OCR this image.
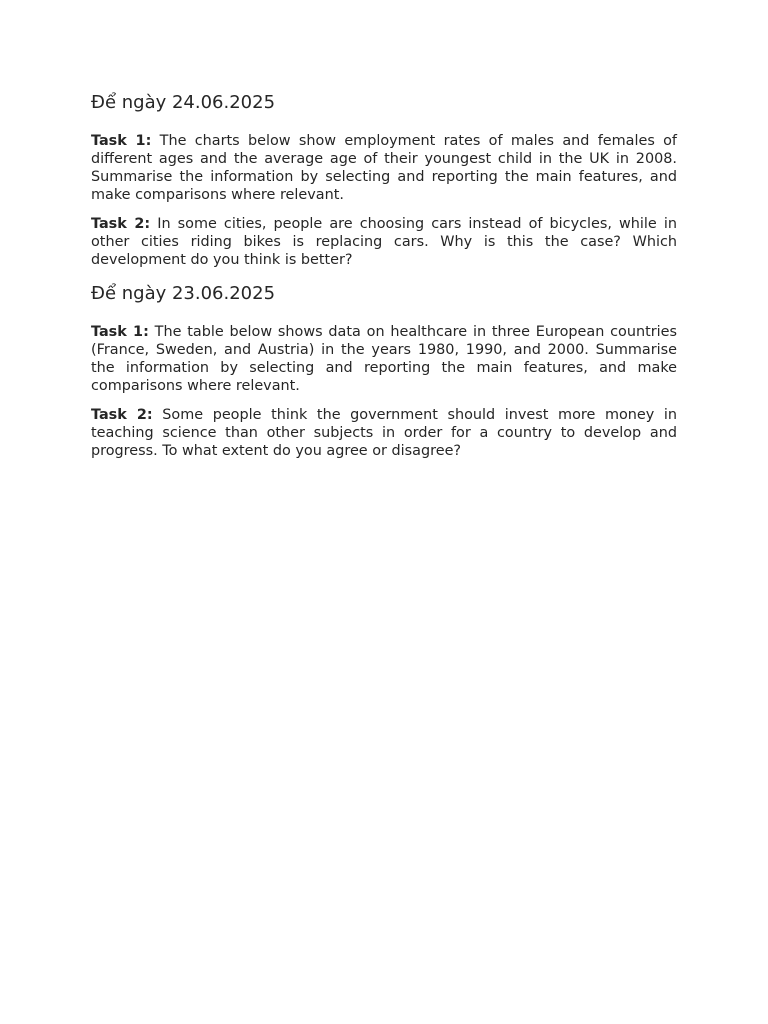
Để ngày 24.06.2025

Task 1: The charts below show employment rates of males and females of different ages and the average age of their youngest child in the UK in 2008. Summarise the information by selecting and reporting the main features, and make comparisons where relevant.

Task 2: In some cities, people are choosing cars instead of bicycles, while in other cities riding bikes is replacing cars. Why is this the case? Which development do you think is better?

Để ngày 23.06.2025

Task 1: The table below shows data on healthcare in three European countries (France, Sweden, and Austria) in the years 1980, 1990, and 2000. Summarise the information by selecting and reporting the main features, and make comparisons where relevant.

Task 2: Some people think the government should invest more money in teaching science than other subjects in order for a country to develop and progress. To what extent do you agree or disagree?
